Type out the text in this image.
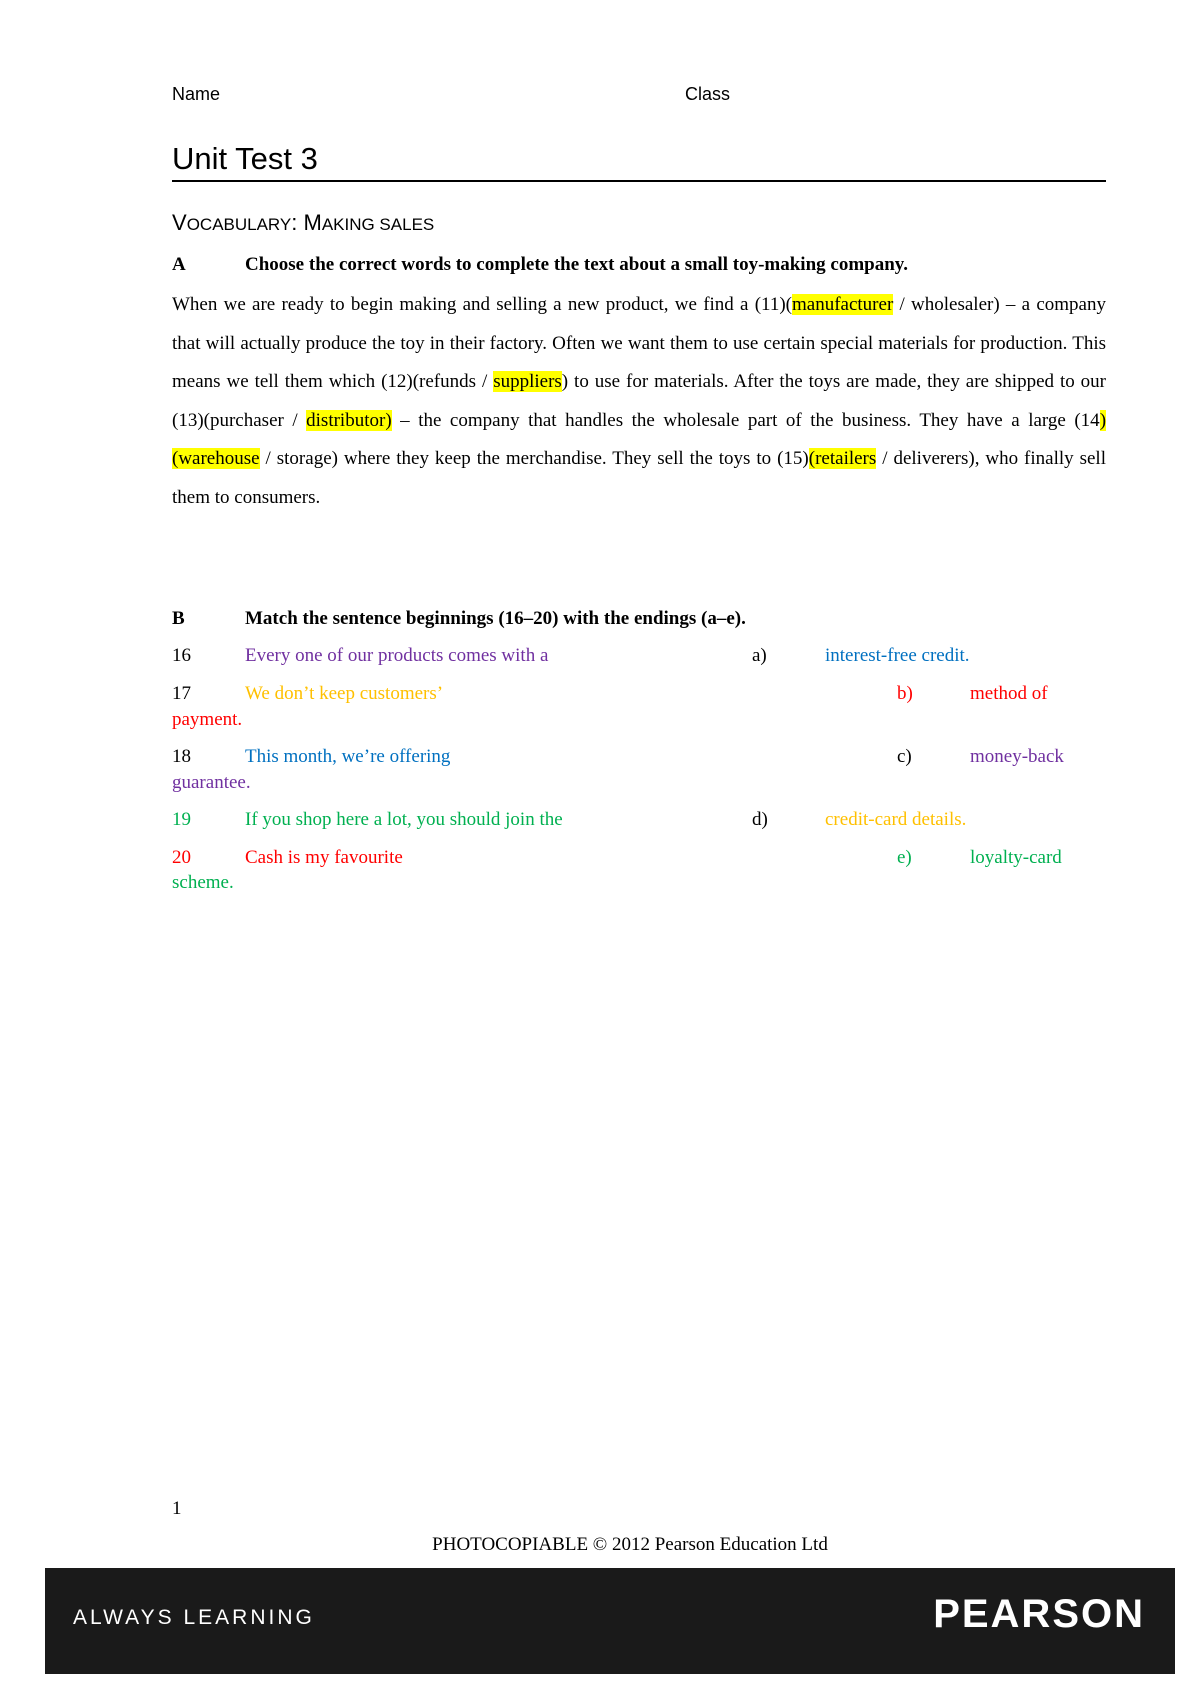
Name	Class
Unit Test 3
VOCABULARY: MAKING SALES
A	Choose the correct words to complete the text about a small toy-making company.
When we are ready to begin making and selling a new product, we find a (11)(manufacturer / wholesaler) – a company that will actually produce the toy in their factory. Often we want them to use certain special materials for production. This means we tell them which (12)(refunds / suppliers) to use for materials. After the toys are made, they are shipped to our (13)(purchaser / distributor) – the company that handles the wholesale part of the business. They have a large (14)(warehouse / storage) where they keep the merchandise. They sell the toys to (15)(retailers / deliverers), who finally sell them to consumers.
B	Match the sentence beginnings (16–20) with the endings (a–e).
16	Every one of our products comes with a	a)	interest-free credit.
17	We don’t keep customers’	b)	method of
payment.
18	This month, we’re offering	c)	money-back
guarantee.
19	If you shop here a lot, you should join the	d)	credit-card details.
20	Cash is my favourite	e)	loyalty-card
scheme.
1
PHOTOCOPIABLE © 2012 Pearson Education Ltd
ALWAYS LEARNING	PEARSON
